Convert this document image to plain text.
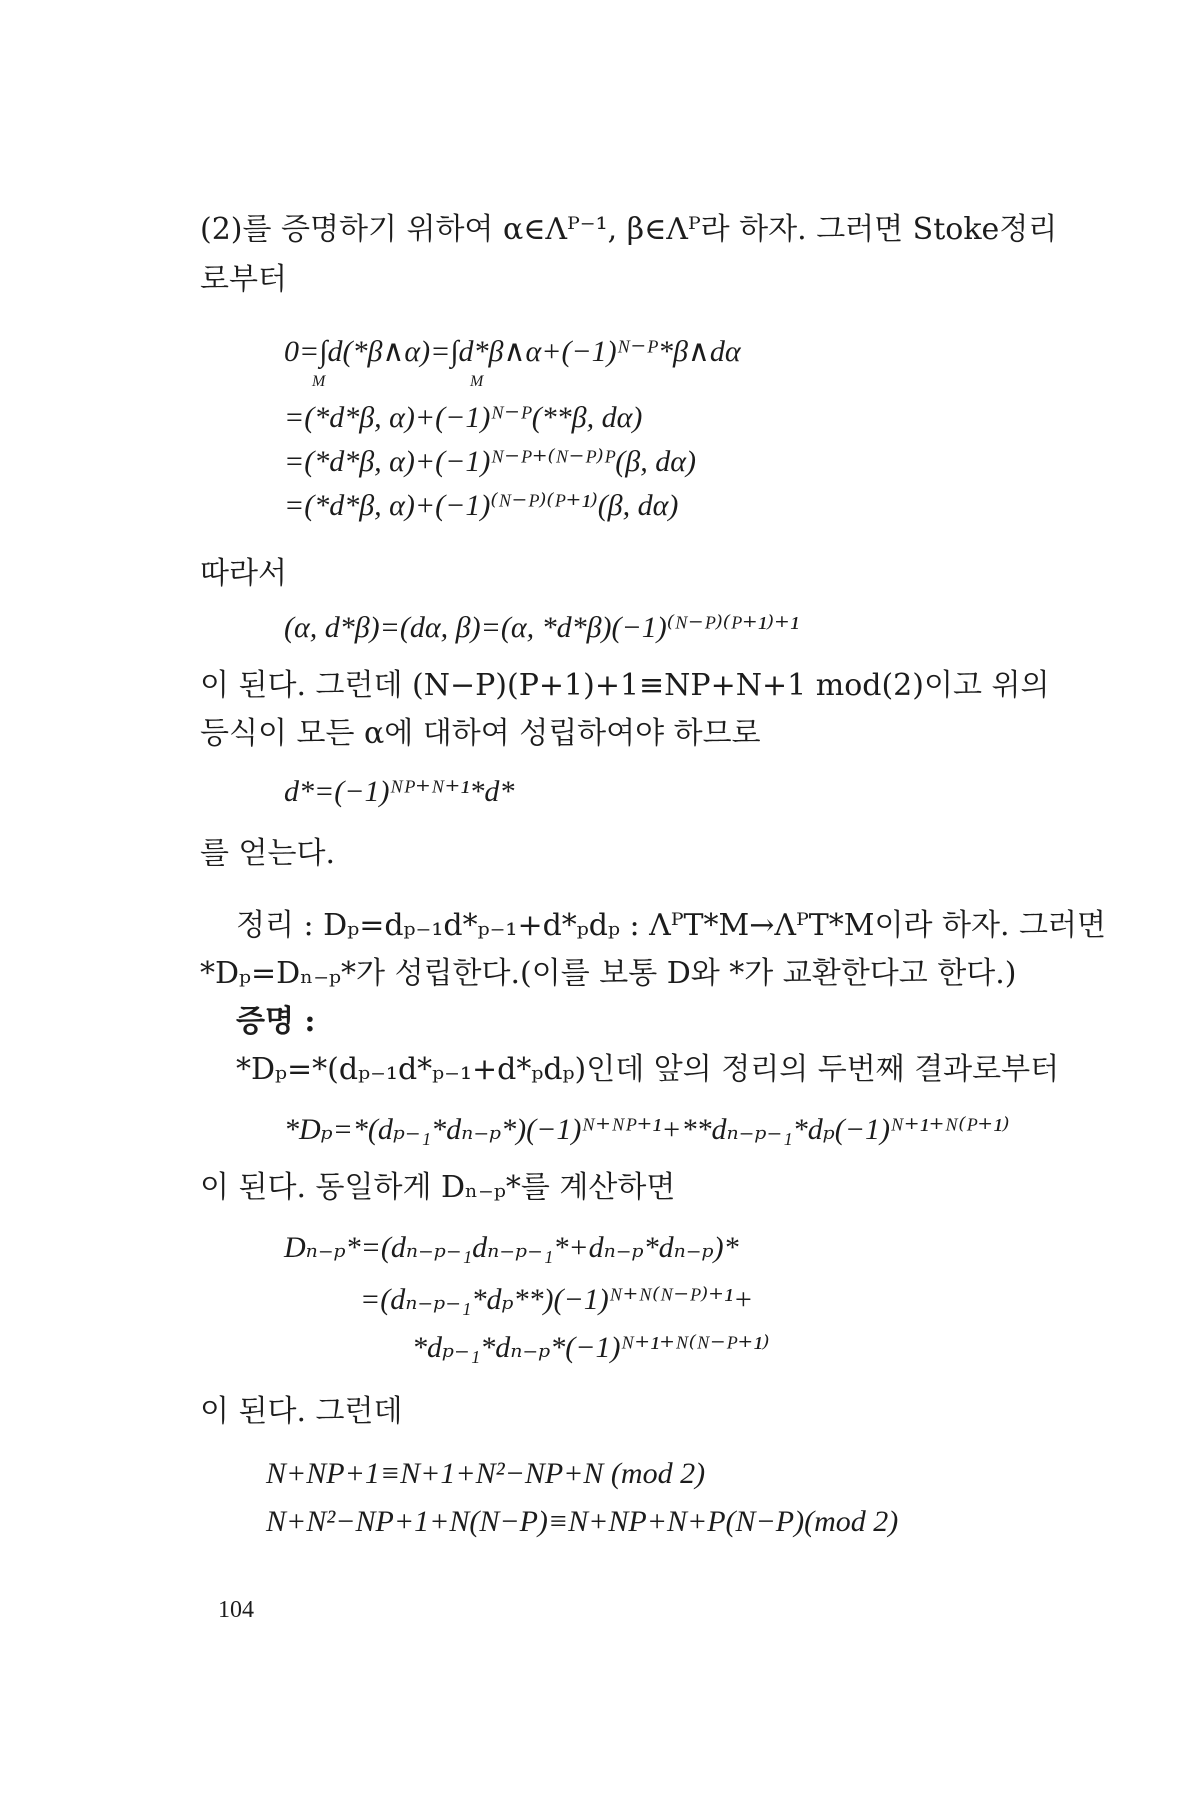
(2)를 증명하기 위하여 α∈Λᴾ⁻¹, β∈Λᴾ라 하자. 그러면 Stoke정리
로부터
0=∫d(*β∧α)=∫d*β∧α+(−1)ᴺ⁻ᴾ*β∧dα
M	M
=(*d*β, α)+(−1)ᴺ⁻ᴾ(**β, dα)
=(*d*β, α)+(−1)ᴺ⁻ᴾ⁺⁽ᴺ⁻ᴾ⁾ᴾ(β, dα)
=(*d*β, α)+(−1)⁽ᴺ⁻ᴾ⁾⁽ᴾ⁺¹⁾(β, dα)
따라서
(α, d*β)=(dα, β)=(α, *d*β)(−1)⁽ᴺ⁻ᴾ⁾⁽ᴾ⁺¹⁾⁺¹
이 된다. 그런데 (N−P)(P+1)+1≡NP+N+1 mod(2)이고 위의
등식이 모든 α에 대하여 성립하여야 하므로
d*=(−1)ᴺᴾ⁺ᴺ⁺¹*d*
를 얻는다.
정리 : Dₚ=dₚ₋₁d*ₚ₋₁+d*ₚdₚ : ΛᴾT*M→ΛᴾT*M이라 하자. 그러면
*Dₚ=Dₙ₋ₚ*가 성립한다.(이를 보통 D와 *가 교환한다고 한다.)
증명 :
*Dₚ=*(dₚ₋₁d*ₚ₋₁+d*ₚdₚ)인데 앞의 정리의 두번째 결과로부터
*Dₚ=*(dₚ₋₁*dₙ₋ₚ*)(−1)ᴺ⁺ᴺᴾ⁺¹+**dₙ₋ₚ₋₁*dₚ(−1)ᴺ⁺¹⁺ᴺ⁽ᴾ⁺¹⁾
이 된다. 동일하게 Dₙ₋ₚ*를 계산하면
Dₙ₋ₚ*=(dₙ₋ₚ₋₁dₙ₋ₚ₋₁*+dₙ₋ₚ*dₙ₋ₚ)*
=(dₙ₋ₚ₋₁*dₚ**)(−1)ᴺ⁺ᴺ⁽ᴺ⁻ᴾ⁾⁺¹+
*dₚ₋₁*dₙ₋ₚ*(−1)ᴺ⁺¹⁺ᴺ⁽ᴺ⁻ᴾ⁺¹⁾
이 된다. 그런데
N+NP+1≡N+1+N²−NP+N (mod 2)
N+N²−NP+1+N(N−P)≡N+NP+N+P(N−P)(mod 2)
104
